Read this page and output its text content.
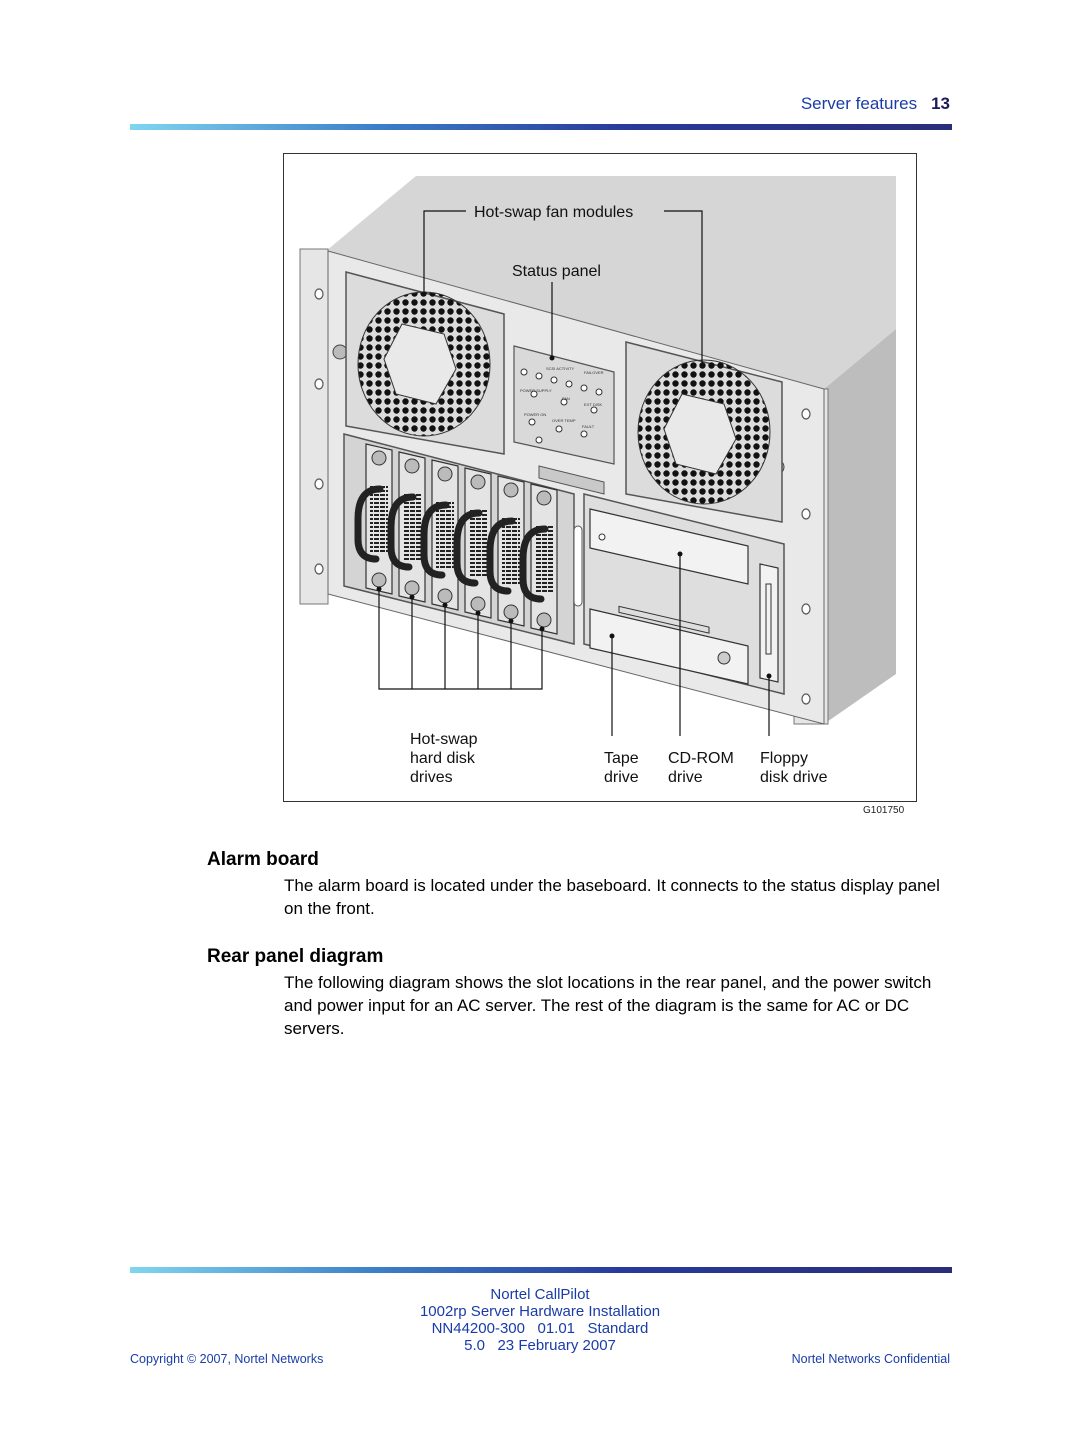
Server features 13
SCSI ACTIVITY
FAILOVER
POWER SUPPLY
FAN
EXT DISK
POWER ON
OVER TEMP
FAULT
Hot-swap fan modules
Status panel
Hot-swap
hard disk
drives
Tape
drive
CD-ROM
drive
Floppy
disk drive
G101750
Alarm board

The alarm board is located under the baseboard. It connects to the status display panel on the front.

Rear panel diagram

The following diagram shows the slot locations in the rear panel, and the power switch and power input for an AC server. The rest of the diagram is the same for AC or DC servers.

Nortel CallPilot
1002rp Server Hardware Installation
NN44200-300   01.01   Standard
5.0   23 February 2007
Copyright © 2007, Nortel Networks	Nortel Networks Confidential
